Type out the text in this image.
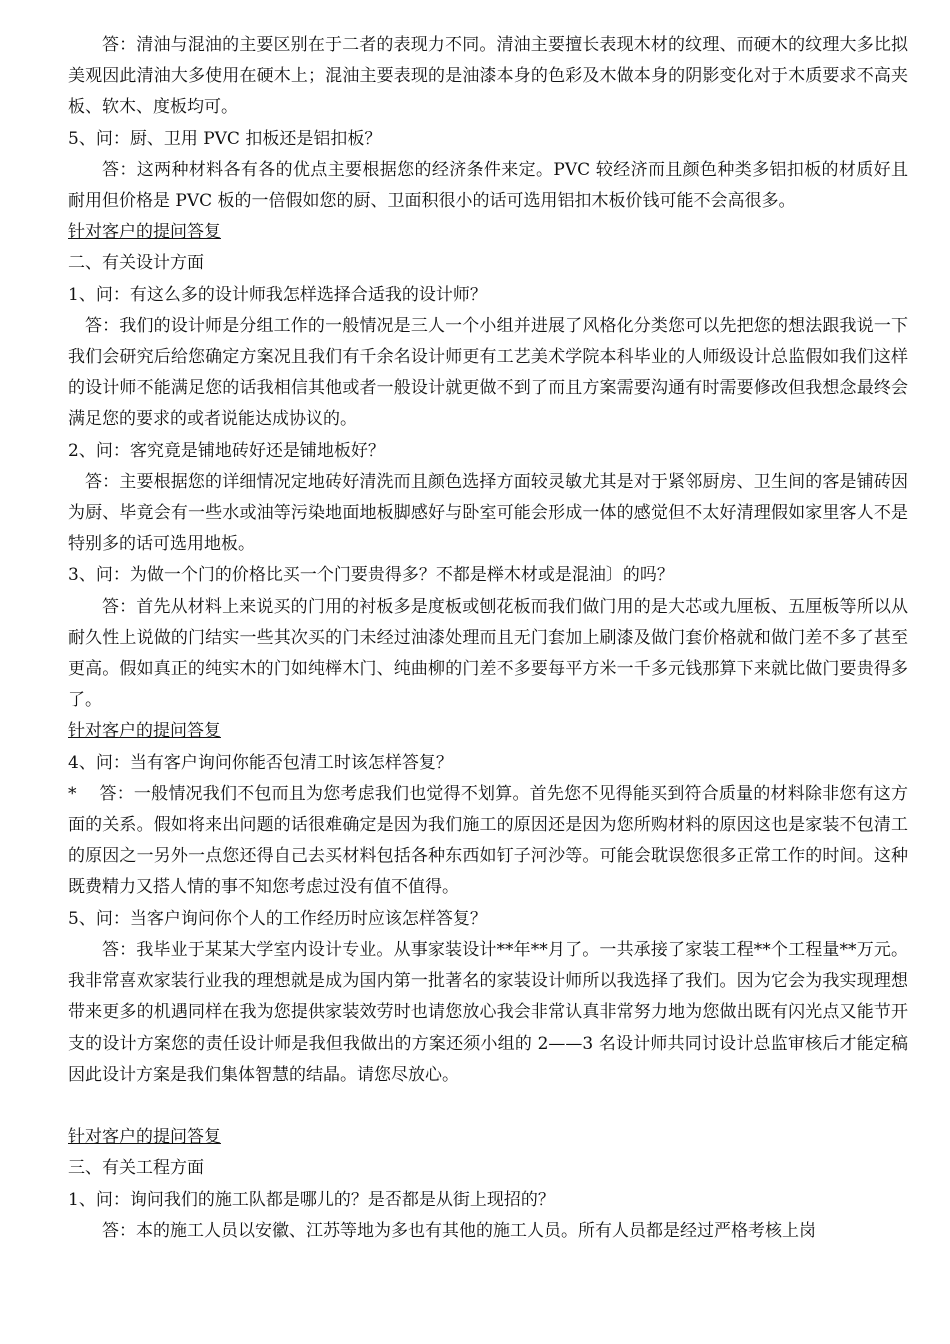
答：清油与混油的主要区别在于二者的表现力不同。清油主要擅长表现木材的纹理、而硬木的纹理大多比拟美观因此清油大多使用在硬木上；混油主要表现的是油漆本身的色彩及木做本身的阴影变化对于木质要求不高夹板、软木、度板均可。

5、问：厨、卫用 PVC 扣板还是铝扣板？

答：这两种材料各有各的优点主要根据您的经济条件来定。PVC 较经济而且颜色种类多铝扣板的材质好且耐用但价格是 PVC 板的一倍假如您的厨、卫面积很小的话可选用铝扣木板价钱可能不会高很多。

针对客户的提问答复

二、有关设计方面

1、问：有这么多的设计师我怎样选择合适我的设计师？

答：我们的设计师是分组工作的一般情况是三人一个小组并进展了风格化分类您可以先把您的想法跟我说一下我们会研究后给您确定方案况且我们有千余名设计师更有工艺美术学院本科毕业的人师级设计总监假如我们这样的设计师不能满足您的话我相信其他或者一般设计就更做不到了而且方案需要沟通有时需要修改但我想念最终会满足您的要求的或者说能达成协议的。

2、问：客究竟是铺地砖好还是铺地板好？

答：主要根据您的详细情况定地砖好清洗而且颜色选择方面较灵敏尤其是对于紧邻厨房、卫生间的客是铺砖因为厨、毕竟会有一些水或油等污染地面地板脚感好与卧室可能会形成一体的感觉但不太好清理假如家里客人不是特别多的话可选用地板。

3、问：为做一个门的价格比买一个门要贵得多？不都是榉木材或是混油〕的吗？

答：首先从材料上来说买的门用的衬板多是度板或刨花板而我们做门用的是大芯或九厘板、五厘板等所以从耐久性上说做的门结实一些其次买的门未经过油漆处理而且无门套加上刷漆及做门套价格就和做门差不多了甚至更高。假如真正的纯实木的门如纯榉木门、纯曲柳的门差不多要每平方米一千多元钱那算下来就比做门要贵得多了。

针对客户的提问答复

4、问：当有客户询问你能否包清工时该怎样答复？

*　 答：一般情况我们不包而且为您考虑我们也觉得不划算。首先您不见得能买到符合质量的材料除非您有这方面的关系。假如将来出问题的话很难确定是因为我们施工的原因还是因为您所购材料的原因这也是家装不包清工的原因之一另外一点您还得自己去买材料包括各种东西如钉子河沙等。可能会耽误您很多正常工作的时间。这种既费精力又搭人情的事不知您考虑过没有值不值得。

5、问：当客户询问你个人的工作经历时应该怎样答复？

答：我毕业于某某大学室内设计专业。从事家装设计**年**月了。一共承接了家装工程**个工程量**万元。我非常喜欢家装行业我的理想就是成为国内第一批著名的家装设计师所以我选择了我们。因为它会为我实现理想带来更多的机遇同样在我为您提供家装效劳时也请您放心我会非常认真非常努力地为您做出既有闪光点又能节开支的设计方案您的责任设计师是我但我做出的方案还须小组的 2——3 名设计师共同讨设计总监审核后才能定稿因此设计方案是我们集体智慧的结晶。请您尽放心。

针对客户的提问答复

三、有关工程方面

1、问：询问我们的施工队都是哪儿的？是否都是从街上现招的？

答：本的施工人员以安徽、江苏等地为多也有其他的施工人员。所有人员都是经过严格考核上岗
